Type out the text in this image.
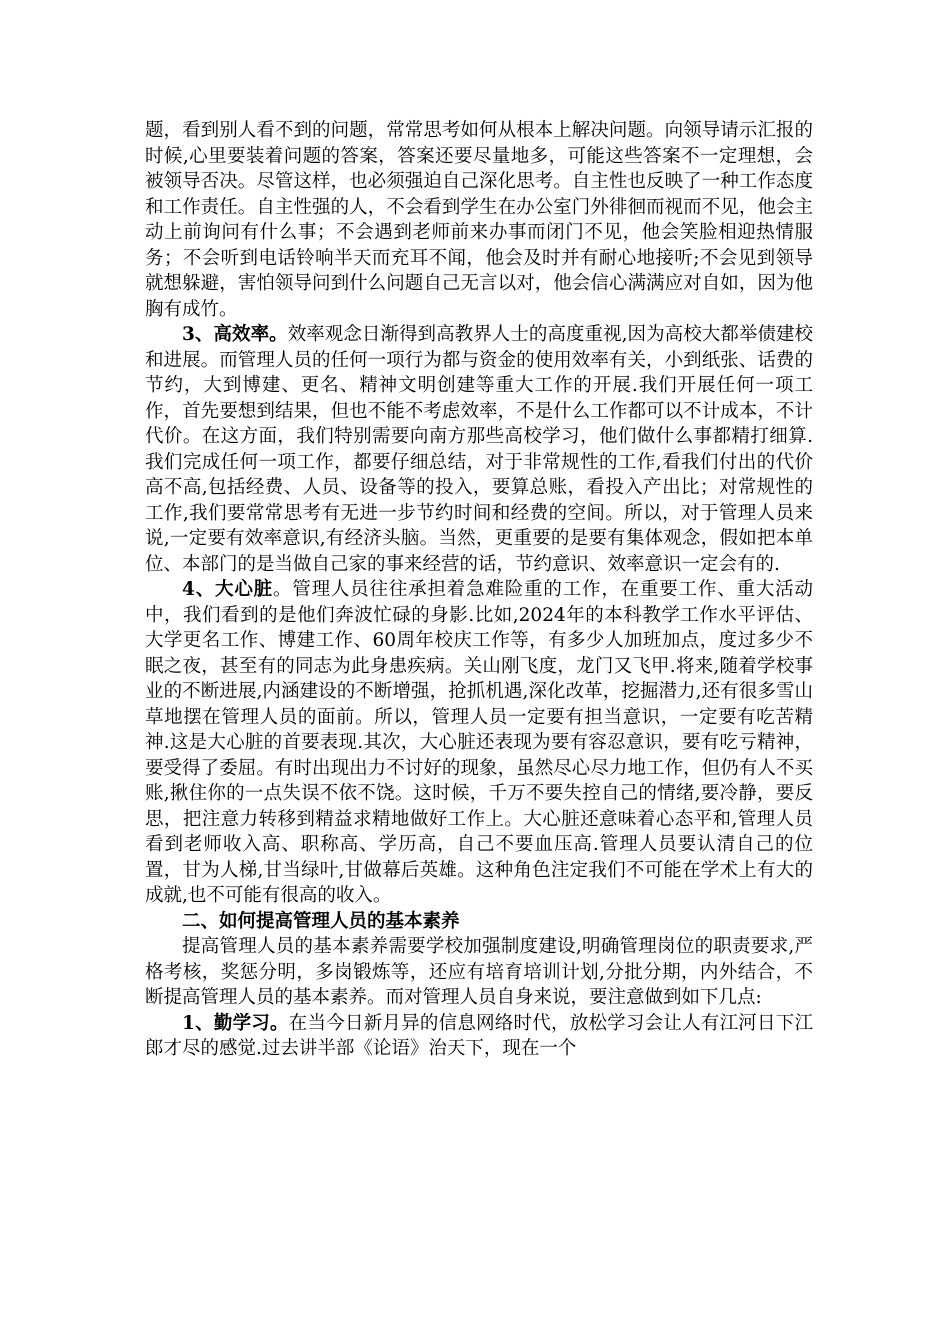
题，看到别人看不到的问题，常常思考如何从根本上解决问题。向领导请示汇报的时候,心里要装着问题的答案，答案还要尽量地多，可能这些答案不一定理想，会被领导否决。尽管这样，也必须强迫自己深化思考。自主性也反映了一种工作态度和工作责任。自主性强的人，不会看到学生在办公室门外徘徊而视而不见，他会主动上前询问有什么事；不会遇到老师前来办事而闭门不见，他会笑脸相迎热情服务；不会听到电话铃响半天而充耳不闻，他会及时并有耐心地接听;不会见到领导就想躲避，害怕领导问到什么问题自己无言以对，他会信心满满应对自如，因为他胸有成竹。

3、高效率。效率观念日渐得到高教界人士的高度重视,因为高校大都举债建校和进展。而管理人员的任何一项行为都与资金的使用效率有关，小到纸张、话费的节约，大到博建、更名、精神文明创建等重大工作的开展.我们开展任何一项工作，首先要想到结果，但也不能不考虑效率，不是什么工作都可以不计成本，不计代价。在这方面，我们特别需要向南方那些高校学习，他们做什么事都精打细算.我们完成任何一项工作，都要仔细总结，对于非常规性的工作,看我们付出的代价高不高,包括经费、人员、设备等的投入，要算总账，看投入产出比；对常规性的工作,我们要常常思考有无进一步节约时间和经费的空间。所以，对于管理人员来说,一定要有效率意识,有经济头脑。当然，更重要的是要有集体观念，假如把本单位、本部门的是当做自己家的事来经营的话，节约意识、效率意识一定会有的.

4、大心脏。管理人员往往承担着急难险重的工作，在重要工作、重大活动中，我们看到的是他们奔波忙碌的身影.比如,2024年的本科教学工作水平评估、大学更名工作、博建工作、60周年校庆工作等，有多少人加班加点，度过多少不眠之夜，甚至有的同志为此身患疾病。关山刚飞度，龙门又飞甲.将来,随着学校事业的不断进展,内涵建设的不断增强，抢抓机遇,深化改革，挖掘潜力,还有很多雪山草地摆在管理人员的面前。所以，管理人员一定要有担当意识，一定要有吃苦精神.这是大心脏的首要表现.其次，大心脏还表现为要有容忍意识，要有吃亏精神，要受得了委屈。有时出现出力不讨好的现象，虽然尽心尽力地工作，但仍有人不买账,揪住你的一点失误不依不饶。这时候，千万不要失控自己的情绪,要冷静，要反思，把注意力转移到精益求精地做好工作上。大心脏还意味着心态平和,管理人员看到老师收入高、职称高、学历高，自己不要血压高.管理人员要认清自己的位置，甘为人梯,甘当绿叶,甘做幕后英雄。这种角色注定我们不可能在学术上有大的成就,也不可能有很高的收入。

二、如何提高管理人员的基本素养

提高管理人员的基本素养需要学校加强制度建设,明确管理岗位的职责要求,严格考核，奖惩分明，多岗锻炼等，还应有培育培训计划,分批分期，内外结合，不断提高管理人员的基本素养。而对管理人员自身来说，要注意做到如下几点:

1、勤学习。在当今日新月异的信息网络时代，放松学习会让人有江河日下江郎才尽的感觉.过去讲半部《论语》治天下，现在一个
